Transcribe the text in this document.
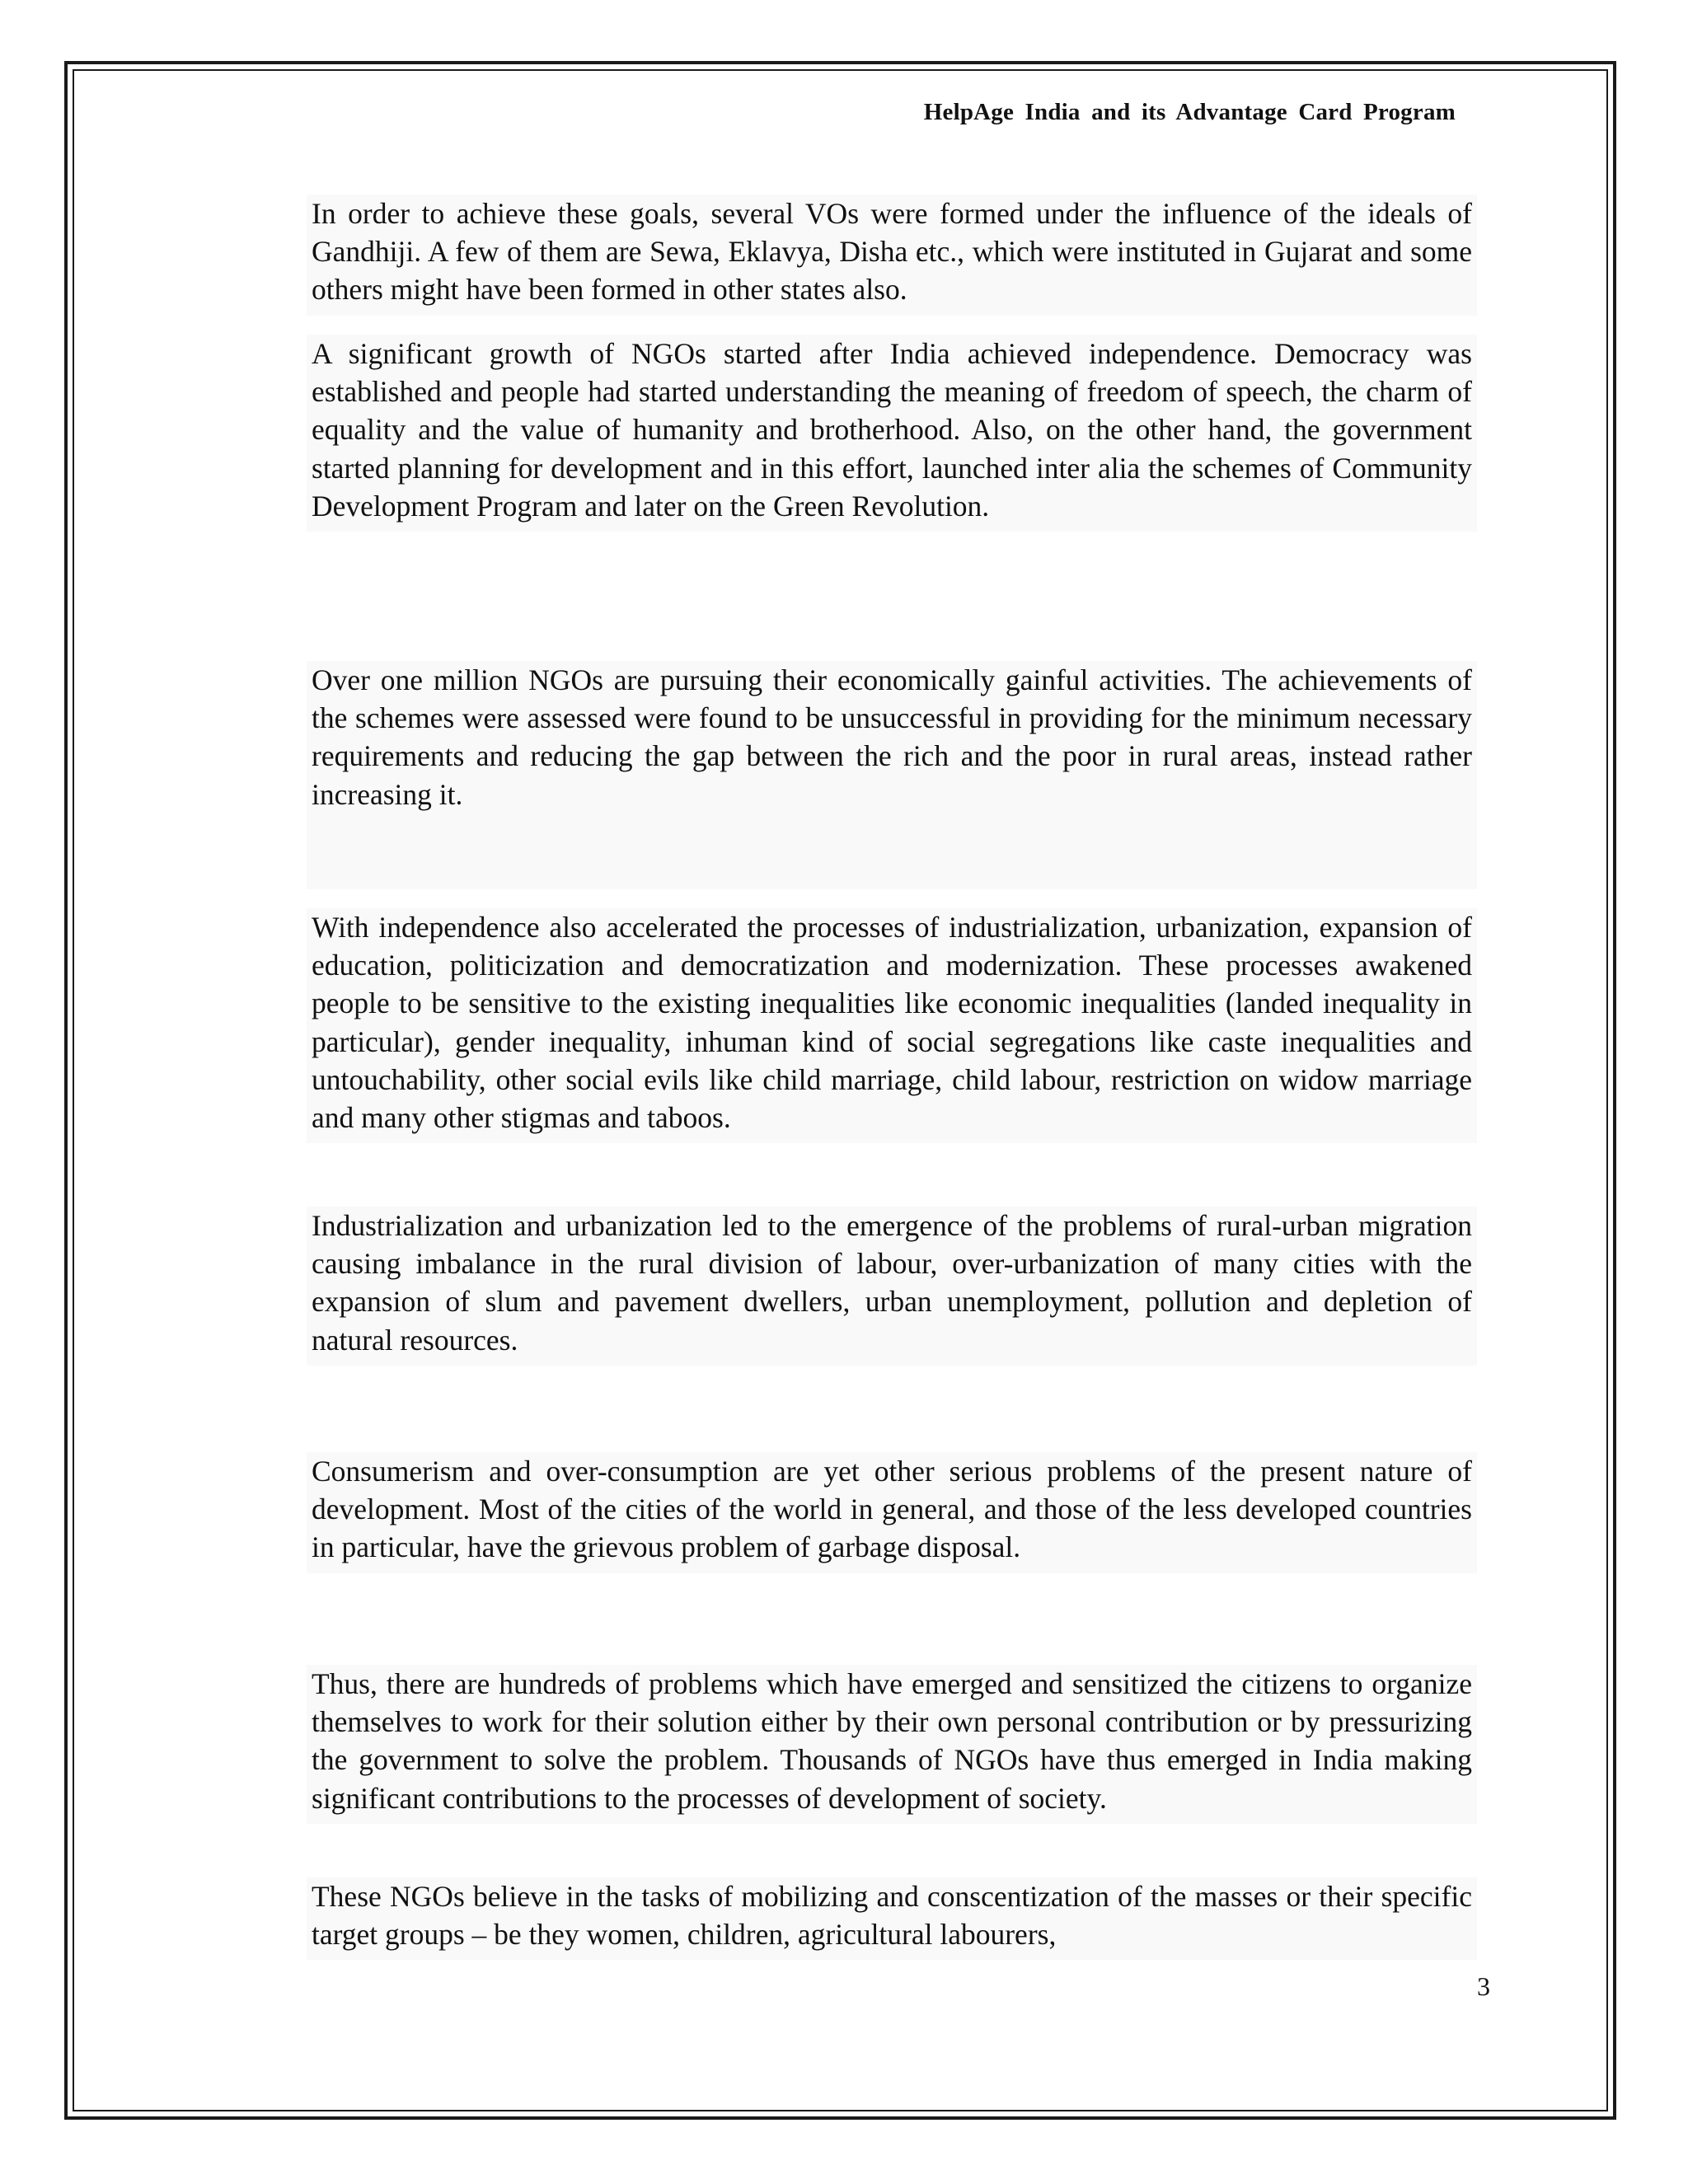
HelpAge India and its Advantage Card Program

In order to achieve these goals, several VOs were formed under the influence of the ideals of Gandhiji. A few of them are Sewa, Eklavya, Disha etc., which were instituted in Gujarat and some others might have been formed in other states also.

A significant growth of NGOs started after India achieved independence. Democracy was established and people had started understanding the meaning of freedom of speech, the charm of equality and the value of humanity and brotherhood. Also, on the other hand, the government started planning for development and in this effort, launched inter alia the schemes of Community Development Program and later on the Green Revolution.

Over one million NGOs are pursuing their economically gainful activities. The achievements of the schemes were assessed were found to be unsuccessful in providing for the minimum necessary requirements and reducing the gap between the rich and the poor in rural areas, instead rather increasing it.

With independence also accelerated the processes of industrialization, urbanization, expansion of education, politicization and democratization and modernization. These processes awakened people to be sensitive to the existing inequalities like economic inequalities (landed inequality in particular), gender inequality, inhuman kind of social segregations like caste inequalities and untouchability, other social evils like child marriage, child labour, restriction on widow marriage and many other stigmas and taboos.

Industrialization and urbanization led to the emergence of the problems of rural-urban migration causing imbalance in the rural division of labour, over-urbanization of many cities with the expansion of slum and pavement dwellers, urban unemployment, pollution and depletion of natural resources.

Consumerism and over-consumption are yet other serious problems of the present nature of development. Most of the cities of the world in general, and those of the less developed countries in particular, have the grievous problem of garbage disposal.

Thus, there are hundreds of problems which have emerged and sensitized the citizens to organize themselves to work for their solution either by their own personal contribution or by pressurizing the government to solve the problem. Thousands of NGOs have thus emerged in India making significant contributions to the processes of development of society.

These NGOs believe in the tasks of mobilizing and conscentization of the masses or their specific target groups – be they women, children, agricultural labourers,

3
